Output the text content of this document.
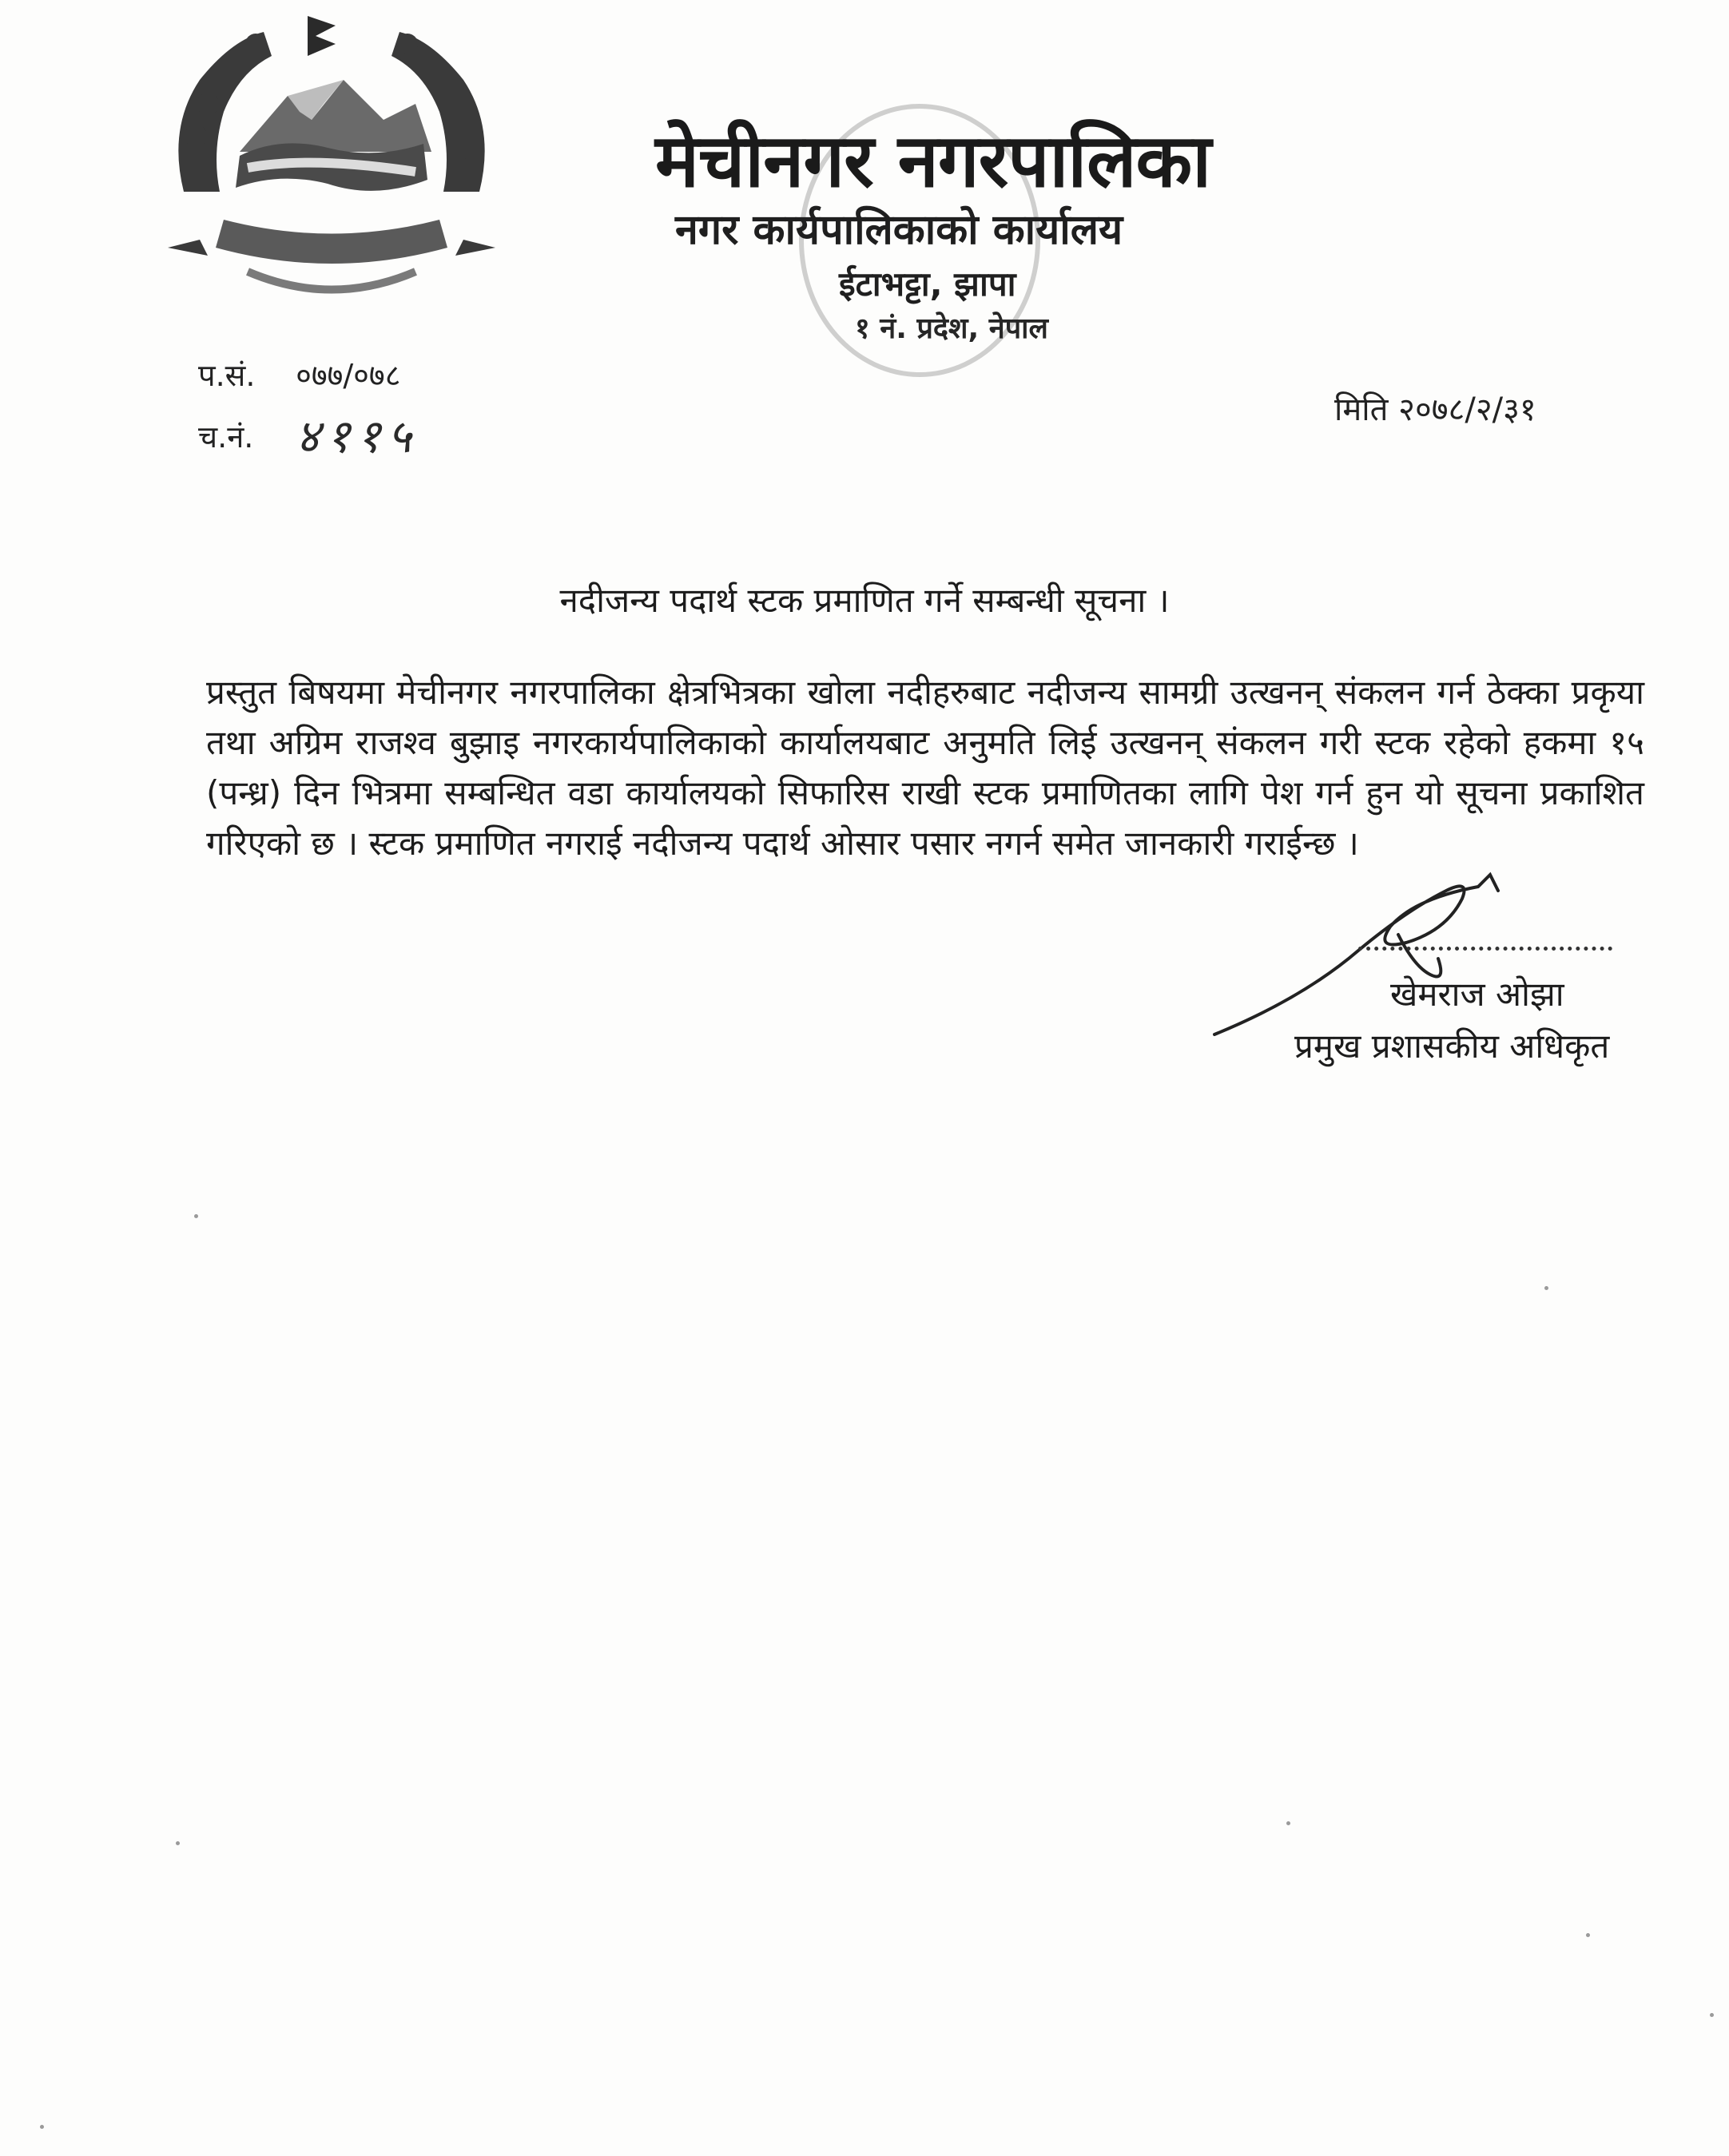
मेचीनगर नगरपालिका
नगर कार्यपालिकाको कार्यालय
ईटाभट्टा, झापा
१ नं. प्रदेश, नेपाल
प.सं. ०७७/०७८
च.नं. ४११५	मिति २०७८/२/३१
नदीजन्य पदार्थ स्टक प्रमाणित गर्ने सम्बन्धी सूचना ।
प्रस्तुत बिषयमा मेचीनगर नगरपालिका क्षेत्रभित्रका खोला नदीहरुबाट नदीजन्य सामग्री उत्खनन् संकलन गर्न ठेक्का प्रकृया तथा अग्रिम राजश्व बुझाइ नगरकार्यपालिकाको कार्यालयबाट अनुमति लिई उत्खनन् संकलन गरी स्टक रहेको हकमा १५ (पन्ध्र) दिन भित्रमा सम्बन्धित वडा कार्यालयको सिफारिस राखी स्टक प्रमाणितका लागि पेश गर्न हुन यो सूचना प्रकाशित गरिएको छ । स्टक प्रमाणित नगराई नदीजन्य पदार्थ ओसार पसार नगर्न समेत जानकारी गराईन्छ ।
खेमराज ओझा
प्रमुख प्रशासकीय अधिकृत
